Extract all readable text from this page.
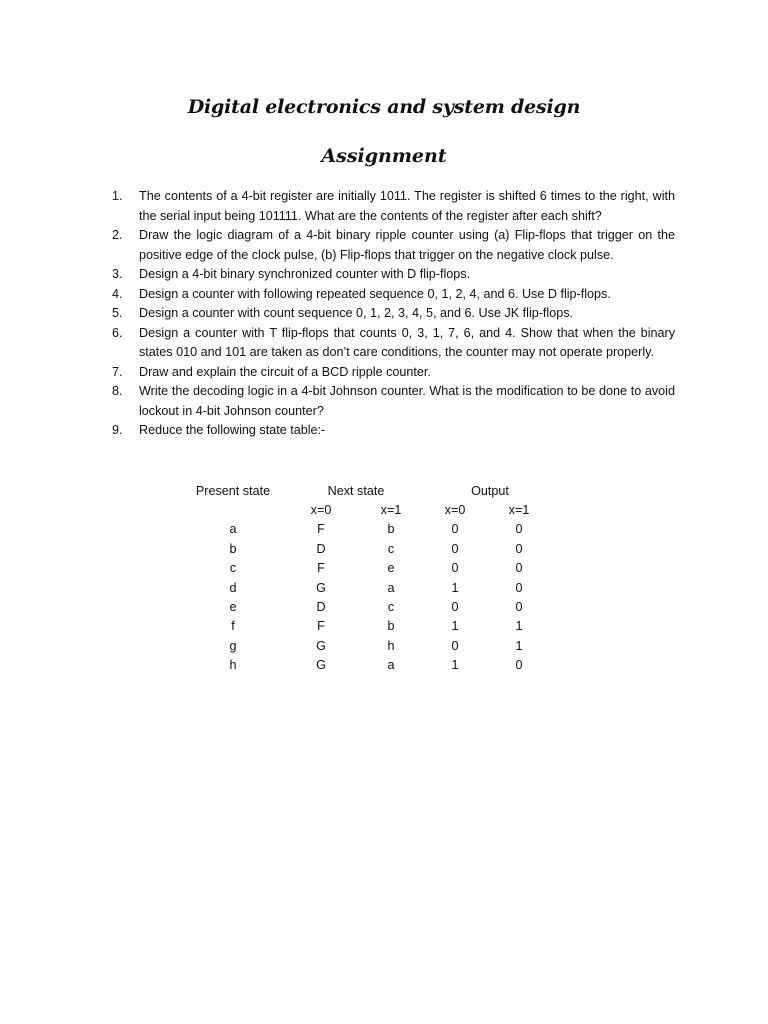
Digital electronics and system design
Assignment
1.	The contents of a 4-bit register are initially 1011. The register is shifted 6 times to the right, with the serial input being 101111. What are the contents of the register after each shift?
2.	Draw the logic diagram of a 4-bit binary ripple counter using (a) Flip-flops that trigger on the positive edge of the clock pulse, (b) Flip-flops that trigger on the negative clock pulse.
3.	Design a 4-bit binary synchronized counter with D flip-flops.
4.	Design a counter with following repeated sequence 0, 1, 2, 4, and 6. Use D flip-flops.
5.	Design a counter with count sequence 0, 1, 2, 3, 4, 5, and 6. Use JK flip-flops.
6.	Design a counter with T flip-flops that counts 0, 3, 1, 7, 6, and 4. Show that when the binary states 010 and 101 are taken as don’t care conditions, the counter may not operate properly.
7.	Draw and explain the circuit of a BCD ripple counter.
8.	Write the decoding logic in a 4-bit Johnson counter. What is the modification to be done to avoid lockout in 4-bit Johnson counter?
9.	Reduce the following state table:-
Present state	Next state		Output	
	x=0	x=1	x=0	x=1
a	F	b	0	0
b	D	c	0	0
c	F	e	0	0
d	G	a	1	0
e	D	c	0	0
f	F	b	1	1
g	G	h	0	1
h	G	a	1	0
